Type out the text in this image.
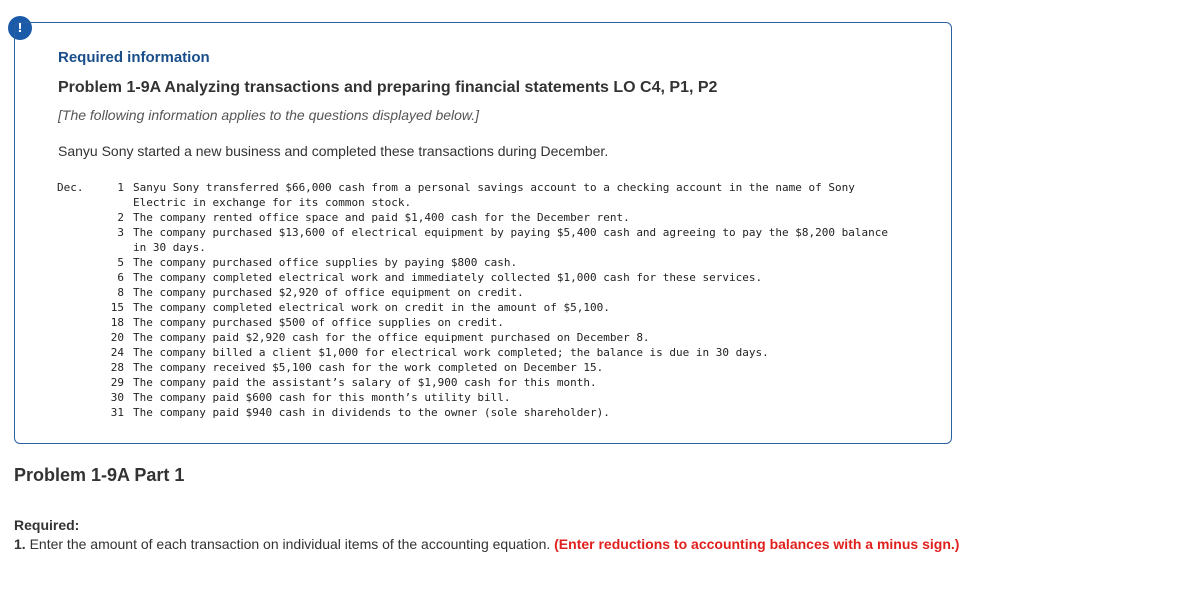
!
Required information
Problem 1-9A Analyzing transactions and preparing financial statements LO C4, P1, P2
[The following information applies to the questions displayed below.]
Sanyu Sony started a new business and completed these transactions during December.
Dec.	1 Sanyu Sony transferred $66,000 cash from a personal savings account to a checking account in the name of Sony Electric in exchange for its common stock.
2 The company rented office space and paid $1,400 cash for the December rent.
3 The company purchased $13,600 of electrical equipment by paying $5,400 cash and agreeing to pay the $8,200 balance in 30 days.
5 The company purchased office supplies by paying $800 cash.
6 The company completed electrical work and immediately collected $1,000 cash for these services.
8 The company purchased $2,920 of office equipment on credit.
15 The company completed electrical work on credit in the amount of $5,100.
18 The company purchased $500 of office supplies on credit.
20 The company paid $2,920 cash for the office equipment purchased on December 8.
24 The company billed a client $1,000 for electrical work completed; the balance is due in 30 days.
28 The company received $5,100 cash for the work completed on December 15.
29 The company paid the assistant’s salary of $1,900 cash for this month.
30 The company paid $600 cash for this month’s utility bill.
31 The company paid $940 cash in dividends to the owner (sole shareholder).
Problem 1-9A Part 1
Required:
1. Enter the amount of each transaction on individual items of the accounting equation. (Enter reductions to accounting balances with a minus sign.)
